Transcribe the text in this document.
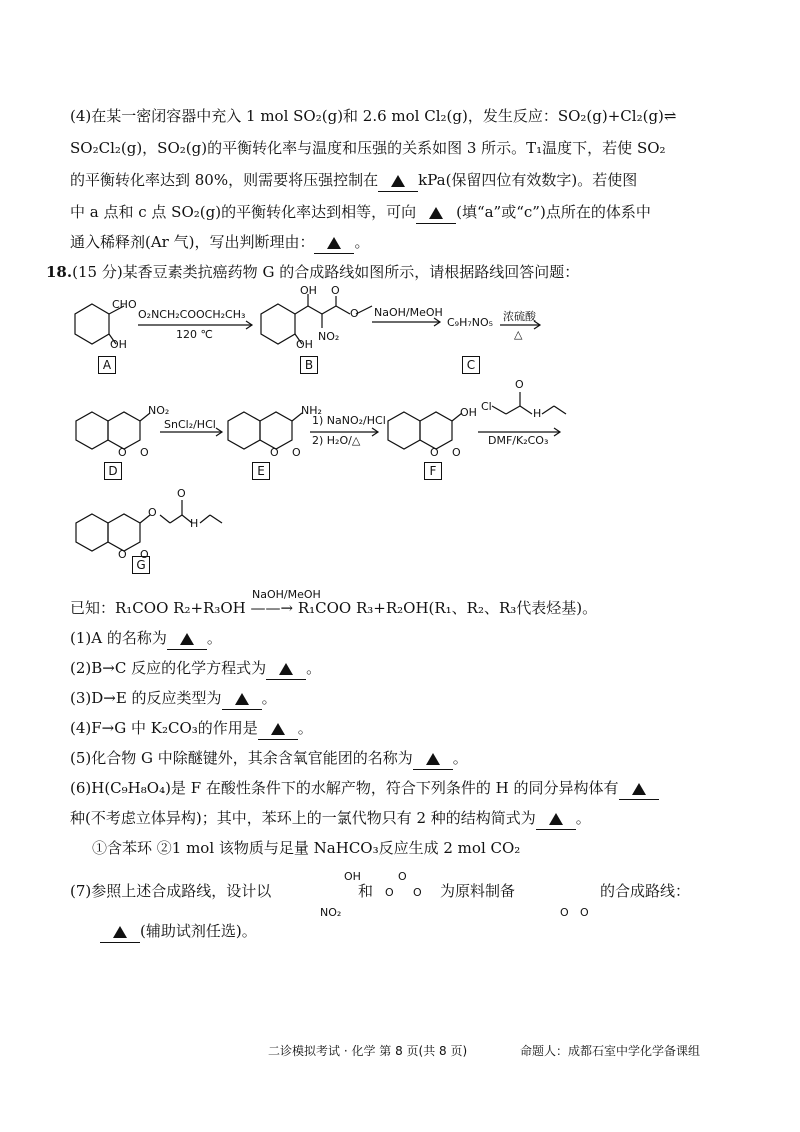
(4)在某一密闭容器中充入 1 mol SO₂(g)和 2.6 mol Cl₂(g)，发生反应：SO₂(g)+Cl₂(g)⇌
SO₂Cl₂(g)，SO₂(g)的平衡转化率与温度和压强的关系如图 3 所示。T₁温度下，若使 SO₂
的平衡转化率达到 80%，则需要将压强控制在	kPa(保留四位有效数字)。若使图
中 a 点和 c 点 SO₂(g)的平衡转化率达到相等，可向	(填“a”或“c”)点所在的体系中
通入稀释剂(Ar 气)，写出判断理由：	。
18.(15 分)某香豆素类抗癌药物 G 的合成路线如图所示，请根据路线回答问题：
CHO
OH
O₂NCH₂COOCH₂CH₃
120 ℃
OH
NO₂
O
O
OH
NaOH/MeOH
C₉H₇NO₅ 浓硫酸
△
NO₂
O O
SnCl₂/HCl
NH₂
O O
1) NaNO₂/HCl
2) H₂O/△
OH
O O
Cl
O
H
DMF/K₂CO₃
O
O
H
O O
A	B	C
D	E	F
G
NaOH/MeOH
已知：R₁COO R₂+R₃OH ——→ R₁COO R₃+R₂OH(R₁、R₂、R₃代表烃基)。
(1)A 的名称为	。
(2)B→C 反应的化学方程式为	。
(3)D→E 的反应类型为	。
(4)F→G 中 K₂CO₃的作用是	。
(5)化合物 G 中除醚键外，其余含氧官能团的名称为	。
(6)H(C₉H₈O₄)是 F 在酸性条件下的水解产物，符合下列条件的 H 的同分异构体有
种(不考虑立体异构)；其中，苯环上的一氯代物只有 2 种的结构简式为	。
①含苯环 ②1 mol 该物质与足量 NaHCO₃反应生成 2 mol CO₂
(7)参照上述合成路线，设计以
OH
NO₂
和 O
O
O 为原料制备
O O
的合成路线：
(辅助试剂任选)。
二诊模拟考试 · 化学 第 8 页(共 8 页)	命题人：成都石室中学化学备课组
